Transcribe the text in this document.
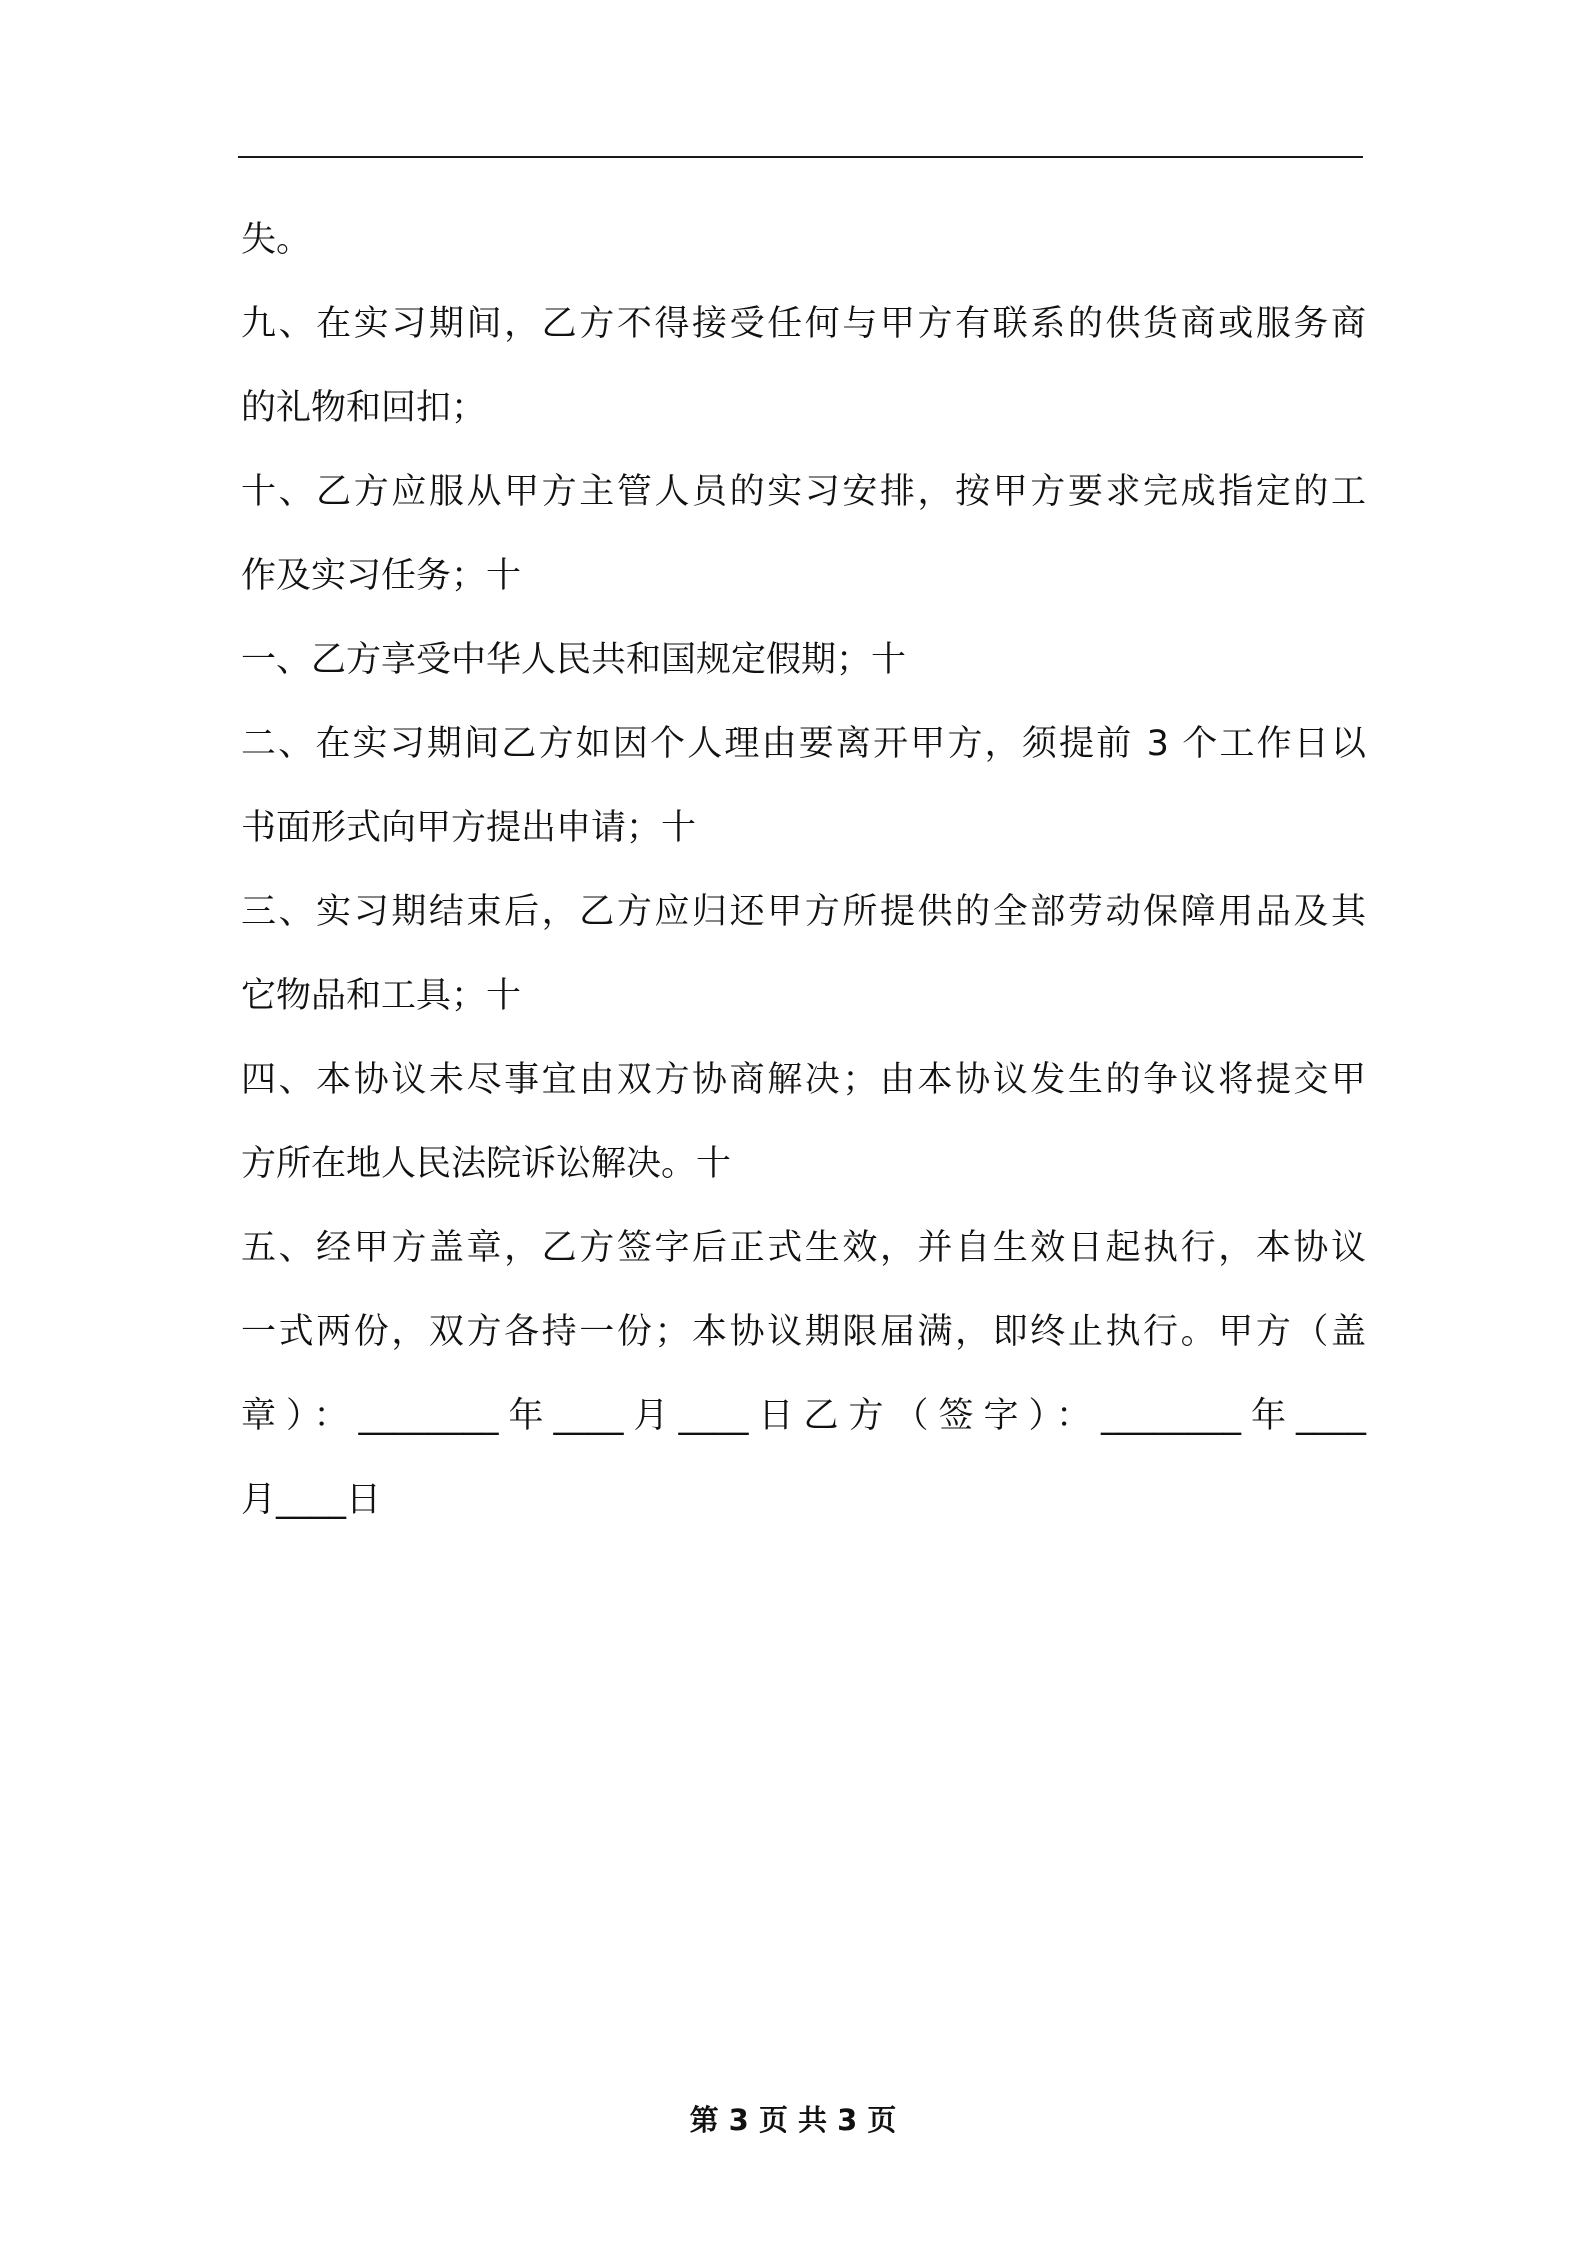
失。
九、在实习期间，乙方不得接受任何与甲方有联系的供货商或服务商
的礼物和回扣；
十、乙方应服从甲方主管人员的实习安排，按甲方要求完成指定的工
作及实习任务；十
一、乙方享受中华人民共和国规定假期；十
二、在实习期间乙方如因个人理由要离开甲方，须提前 3 个工作日以
书面形式向甲方提出申请；十
三、实习期结束后，乙方应归还甲方所提供的全部劳动保障用品及其
它物品和工具；十
四、本协议未尽事宜由双方协商解决；由本协议发生的争议将提交甲
方所在地人民法院诉讼解决。十
五、经甲方盖章，乙方签字后正式生效，并自生效日起执行，本协议
一式两份，双方各持一份；本协议期限届满，即终止执行。甲方（盖
章）：________年____月____日乙方（签字）：________年____
月____日
第 3 页 共 3 页
